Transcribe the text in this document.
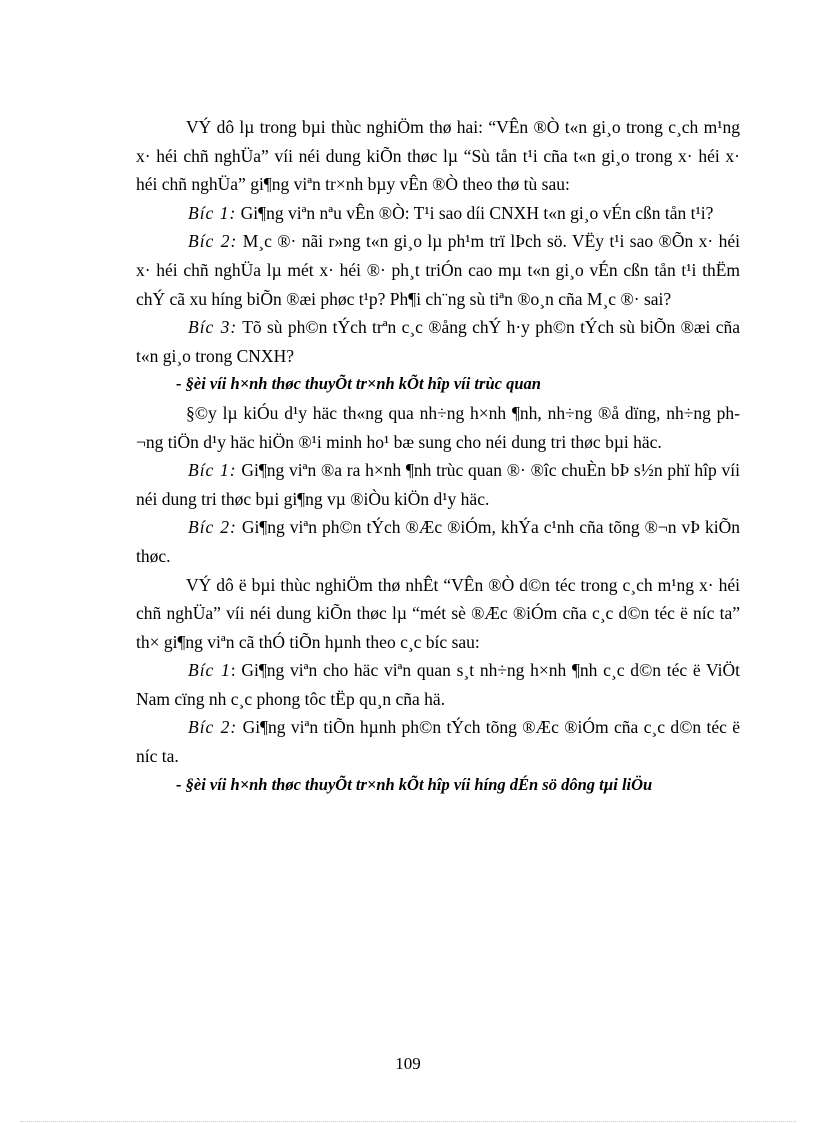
VÝ dô lµ trong bµi thùc nghiÖm thø hai: “VÊn ®Ò t«n gi¸o trong c¸ch m¹ng x· héi chñ nghÜa” víi néi dung kiÕn thøc lµ “Sù tån t¹i cña t«n gi¸o trong x· héi x· héi chñ nghÜa” gi¶ng viªn tr×nh bµy vÊn ®Ò theo thø tù sau:

Bíc 1: Gi¶ng viªn nªu vÊn ®Ò: T¹i sao díi CNXH t«n gi¸o vÉn cßn tån t¹i?

Bíc 2: M¸c ®· nãi r»ng t«n gi¸o lµ ph¹m trï lÞch sö. VËy t¹i sao ®Õn x· héi x· héi chñ nghÜa lµ mét x· héi ®· ph¸t triÓn cao mµ t«n gi¸o vÉn cßn tån t¹i thËm chÝ cã xu híng biÕn ®æi phøc t¹p? Ph¶i ch¨ng sù tiªn ®o¸n cña M¸c ®· sai?

Bíc 3: Tõ sù ph©n tÝch trªn c¸c ®ång chÝ h·y ph©n tÝch sù biÕn ®æi cña t«n gi¸o trong CNXH?

- §èi víi h×nh thøc thuyÕt tr×nh kÕt hîp víi trùc quan

§©y lµ kiÓu d¹y häc th«ng qua nh÷ng h×nh ¶nh, nh÷ng ®å dïng, nh÷ng ph¬ng tiÖn d¹y häc hiÖn ®¹i minh ho¹ bæ sung cho néi dung tri thøc bµi häc.

Bíc 1: Gi¶ng viªn ®a ra h×nh ¶nh trùc quan ®· ®îc chuÈn bÞ s½n phï hîp víi néi dung tri thøc bµi gi¶ng vµ ®iÒu kiÖn d¹y häc.

Bíc 2: Gi¶ng viªn ph©n tÝch ®Æc ®iÓm, khÝa c¹nh cña tõng ®¬n vÞ kiÕn thøc.

VÝ dô ë bµi thùc nghiÖm thø nhÊt “VÊn ®Ò d©n téc trong c¸ch m¹ng x· héi chñ nghÜa” víi néi dung kiÕn thøc lµ “mét sè ®Æc ®iÓm cña c¸c d©n téc ë níc ta” th× gi¶ng viªn cã thÓ tiÕn hµnh theo c¸c bíc sau:

Bíc 1: Gi¶ng viªn cho häc viªn quan s¸t nh÷ng h×nh ¶nh c¸c d©n téc ë ViÖt Nam cïng nh c¸c phong tôc tËp qu¸n cña hä.

Bíc 2: Gi¶ng viªn tiÕn hµnh ph©n tÝch tõng ®Æc ®iÓm cña c¸c d©n téc ë níc ta.

- §èi víi h×nh thøc thuyÕt tr×nh kÕt hîp víi híng dÉn sö dông tµi liÖu

109
